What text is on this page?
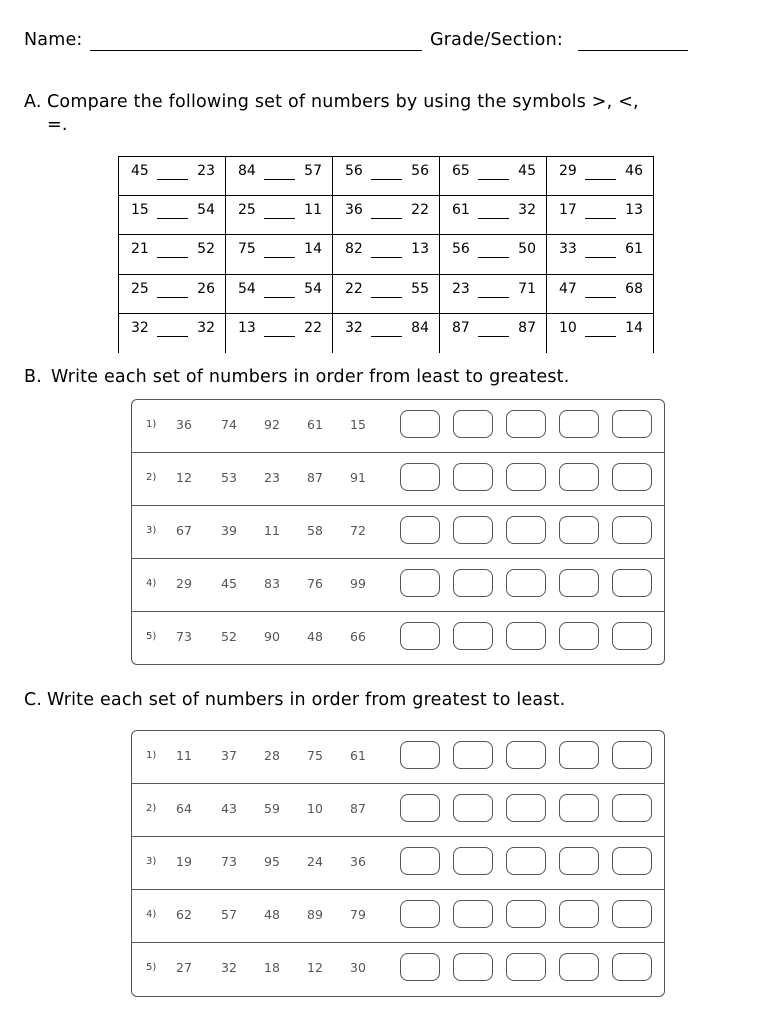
Name:	Grade/Section:
A. Compare the following set of numbers by using the symbols >, <,
=.
45 23	84 57	56 56	65 45	29 46

15 54	25 11	36 22	61 32	17 13

21 52	75 14	82 13	56 50	33 61

25 26	54 54	22 55	23 71	47 68

32 32	13 22	32 84	87 87	10 14
B. Write each set of numbers in order from least to greatest.
1)	36	74	92	61	15
2)	12	53	23	87	91
3)	67	39	11	58	72
4)	29	45	83	76	99
5)	73	52	90	48	66
C. Write each set of numbers in order from greatest to least.
1)	11	37	28	75	61
2)	64	43	59	10	87
3)	19	73	95	24	36
4)	62	57	48	89	79
5)	27	32	18	12	30
